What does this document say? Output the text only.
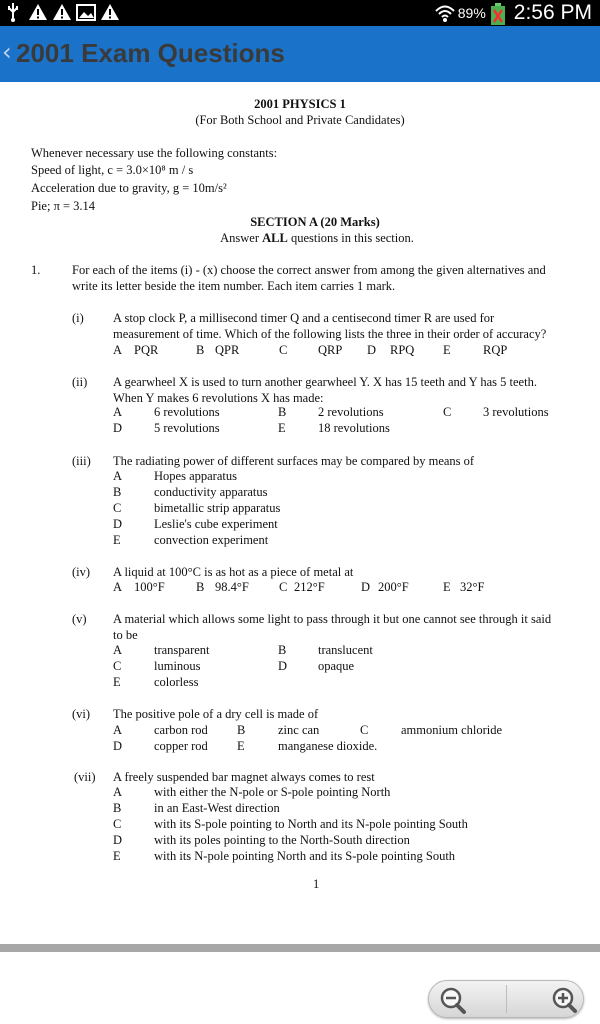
89% 2:56 PM
‹ 2001 Exam Questions
2001 PHYSICS 1
(For Both School and Private Candidates)
Whenever necessary use the following constants:
Speed of light, c = 3.0×10⁸ m / s
Acceleration due to gravity, g = 10m/s²
Pie; π = 3.14
SECTION A (20 Marks)
Answer ALL questions in this section.
1.	For each of the items (i) - (x) choose the correct answer from among the given alternatives and
write its letter beside the item number. Each item carries 1 mark.
(i) A stop clock P, a millisecond timer Q and a centisecond timer R are used for
measurement of time. Which of the following lists the three in their order of accuracy?
A PQR	B QPR	C QRP D RPQ E	RQP
(ii) A gearwheel X is used to turn another gearwheel Y. X has 15 teeth and Y has 5 teeth.
When Y makes 6 revolutions X has made:
A	6 revolutions	B	2 revolutions	C	3 revolutions
D	5 revolutions	E	18 revolutions
(iii) The radiating power of different surfaces may be compared by means of
A	Hopes apparatus
B	conductivity apparatus
C	bimetallic strip apparatus
D	Leslie's cube experiment
E	convection experiment
(iv) A liquid at 100°C is as hot as a piece of metal at
A 100°F	B 98.4°F C 212°F	D 200°F	E 32°F
(v) A material which allows some light to pass through it but one cannot see through it said
to be
A	transparent	B	translucent
C	luminous	D opaque
E	colorless
(vi) The positive pole of a dry cell is made of
A	carbon rod B	zinc can	C	ammonium chloride
D	copper rod E	manganese dioxide.
(vii) A freely suspended bar magnet always comes to rest
A	with either the N-pole or S-pole pointing North
B	in an East-West direction
C	with its S-pole pointing to North and its N-pole pointing South
D	with its poles pointing to the North-South direction
E	with its N-pole pointing North and its S-pole pointing South
1
